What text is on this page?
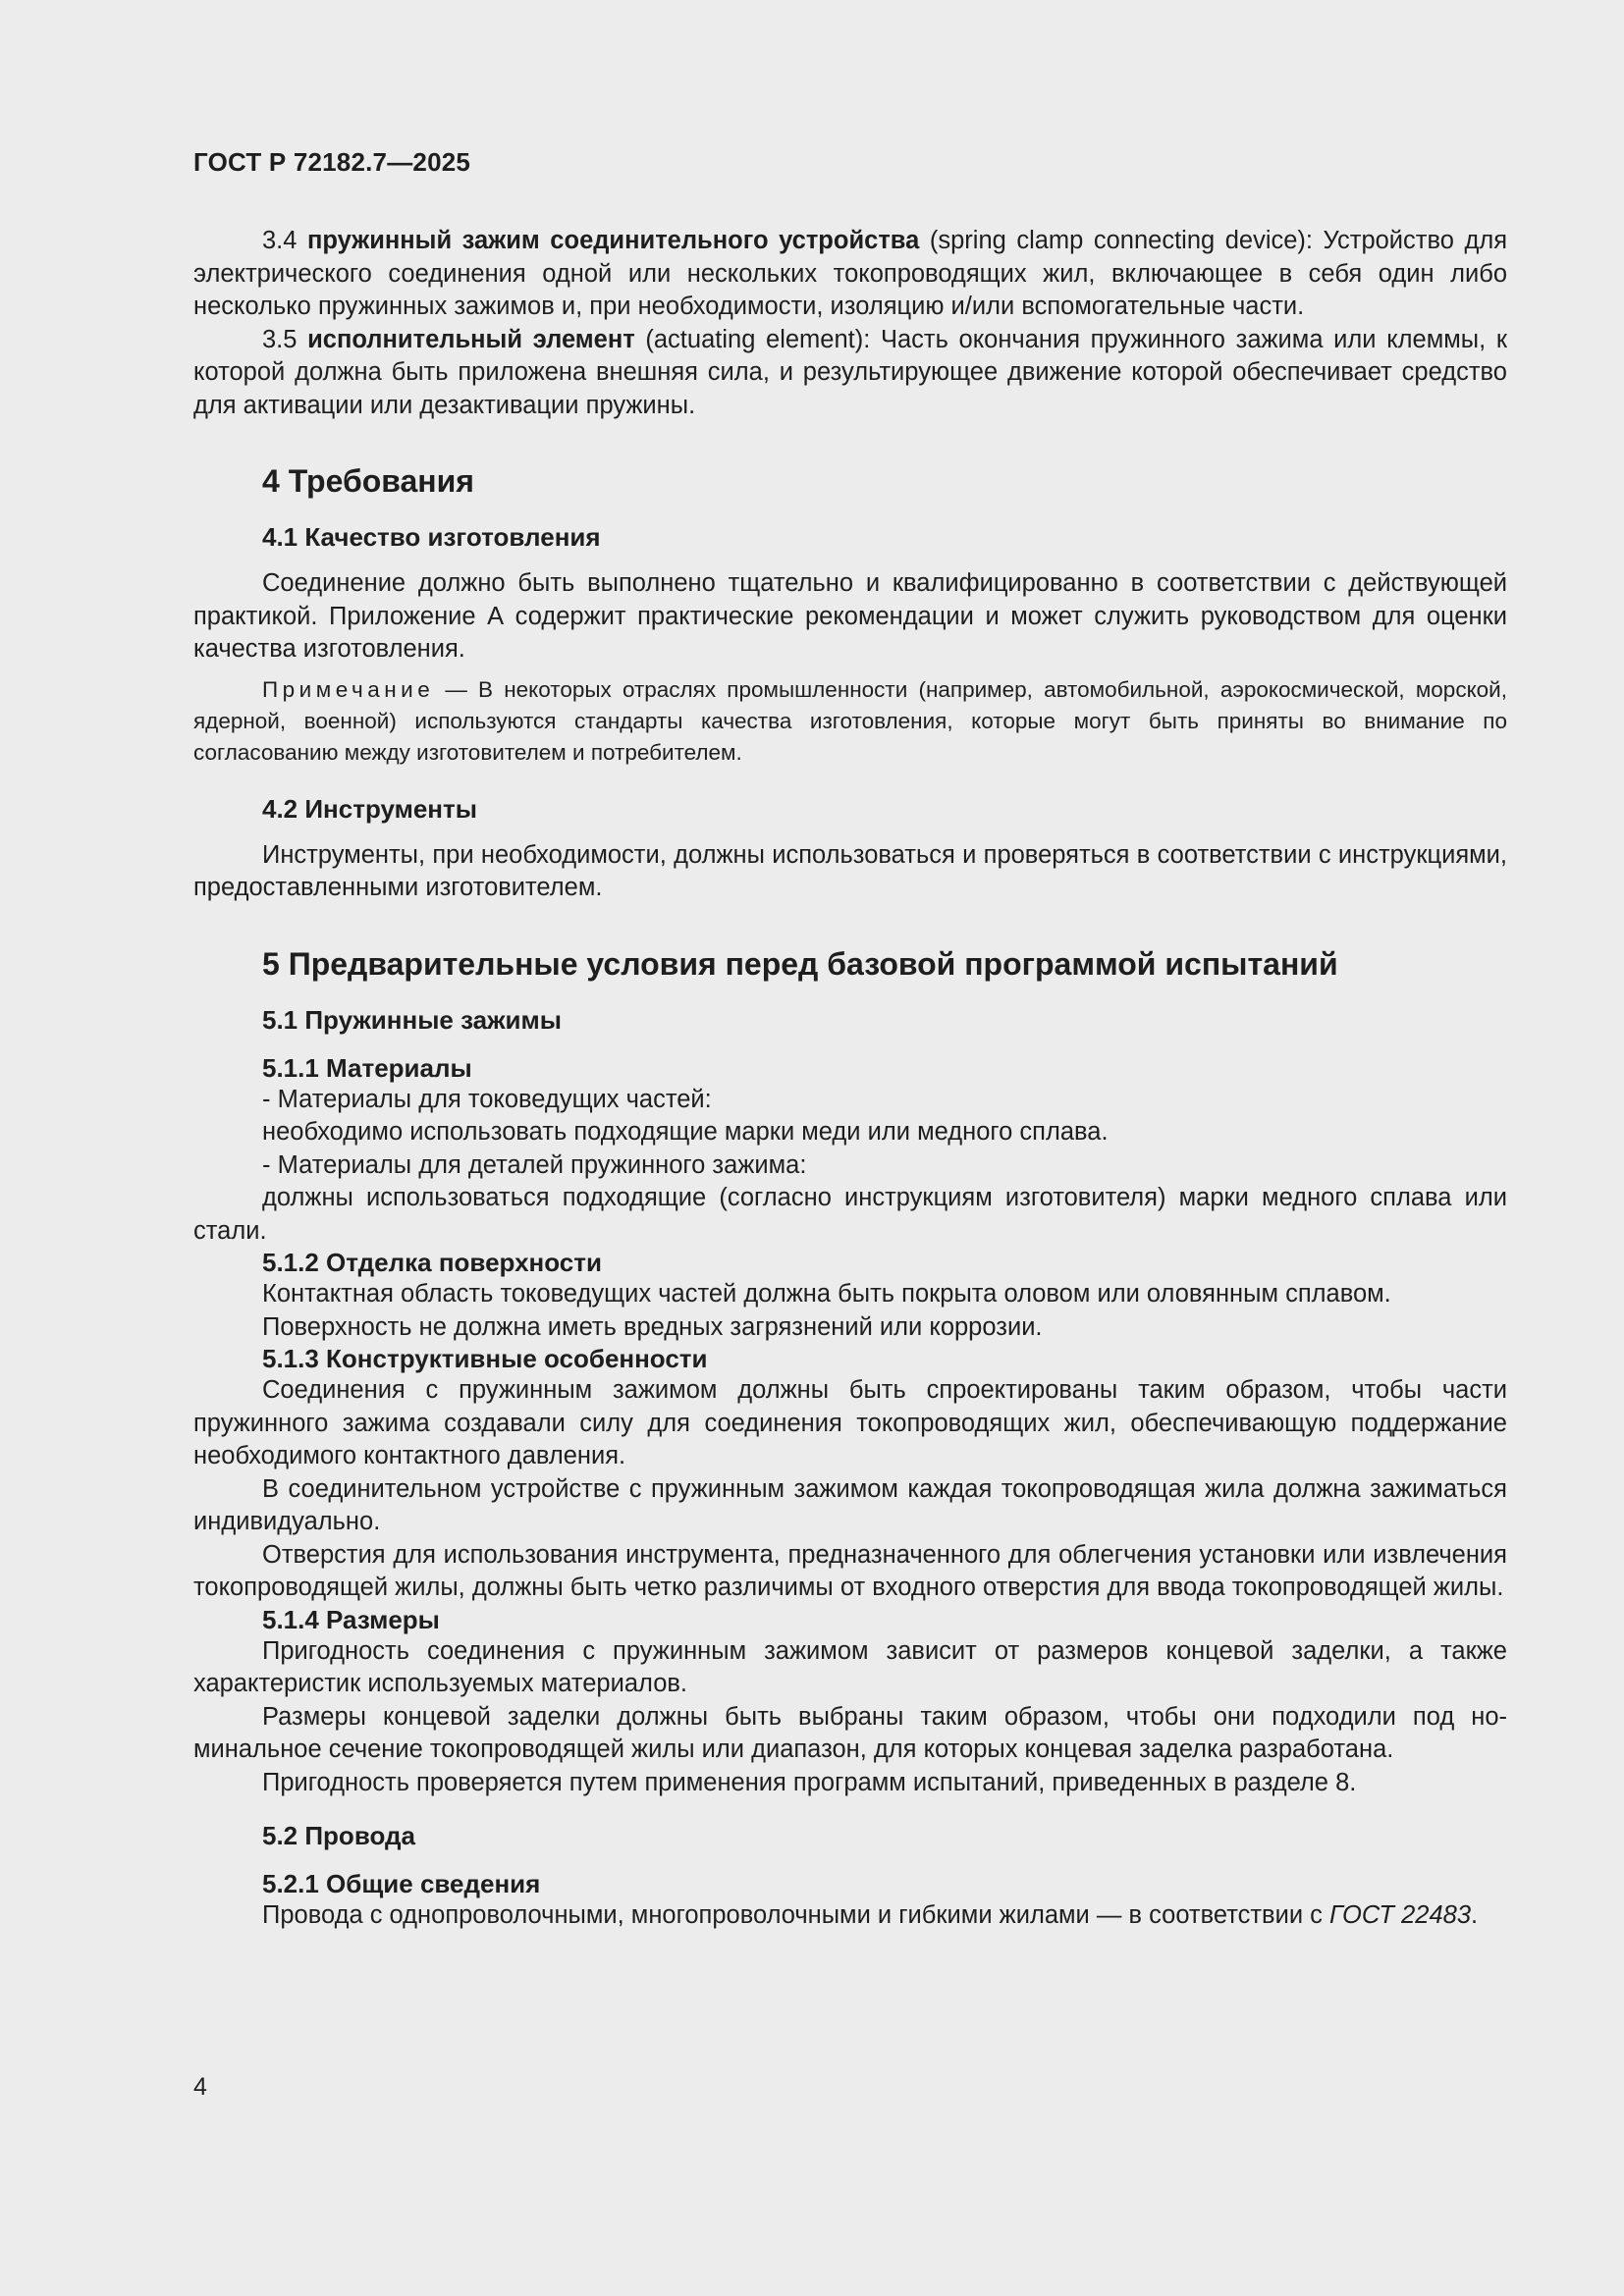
ГОСТ Р 72182.7—2025

3.4 пружинный зажим соединительного устройства (spring clamp connecting device): Устройство для электрического соединения одной или нескольких токопроводящих жил, включающее в себя один либо несколько пружинных зажимов и, при необходимости, изоляцию и/или вспомогательные части.

3.5 исполнительный элемент (actuating element): Часть окончания пружинного зажима или клеммы, к которой должна быть приложена внешняя сила, и результирующее движение которой обеспечивает средство для активации или дезактивации пружины.

4 Требования
4.1 Качество изготовления

Соединение должно быть выполнено тщательно и квалифицированно в соответствии с действующей практикой. Приложение А содержит практические рекомендации и может служить руководством для оценки качества изготовления.

Примечание — В некоторых отраслях промышленности (например, автомобильной, аэрокосмической, морской, ядерной, военной) используются стандарты качества изготовления, которые могут быть приняты во внимание по согласованию между изготовителем и потребителем.

4.2 Инструменты

Инструменты, при необходимости, должны использоваться и проверяться в соответствии с инструкциями, предоставленными изготовителем.

5 Предварительные условия перед базовой программой испытаний
5.1 Пружинные зажимы
5.1.1 Материалы

- Материалы для токоведущих частей:

необходимо использовать подходящие марки меди или медного сплава.

- Материалы для деталей пружинного зажима:

должны использоваться подходящие (согласно инструкциям изготовителя) марки медного сплава или стали.

5.1.2 Отделка поверхности

Контактная область токоведущих частей должна быть покрыта оловом или оловянным сплавом.

Поверхность не должна иметь вредных загрязнений или коррозии.

5.1.3 Конструктивные особенности

Соединения с пружинным зажимом должны быть спроектированы таким образом, чтобы части пружинного зажима создавали силу для соединения токопроводящих жил, обеспечивающую поддержание необходимого контактного давления.

В соединительном устройстве с пружинным зажимом каждая токопроводящая жила должна зажиматься индивидуально.

Отверстия для использования инструмента, предназначенного для облегчения установки или извлечения токопроводящей жилы, должны быть четко различимы от входного отверстия для ввода токопроводящей жилы.

5.1.4 Размеры

Пригодность соединения с пружинным зажимом зависит от размеров концевой заделки, а также характеристик используемых материалов.

Размеры концевой заделки должны быть выбраны таким образом, чтобы они подходили под номинальное сечение токопроводящей жилы или диапазон, для которых концевая заделка разработана.

Пригодность проверяется путем применения программ испытаний, приведенных в разделе 8.

5.2 Провода
5.2.1 Общие сведения

Провода с однопроволочными, многопроволочными и гибкими жилами — в соответствии с ГОСТ 22483.

4
